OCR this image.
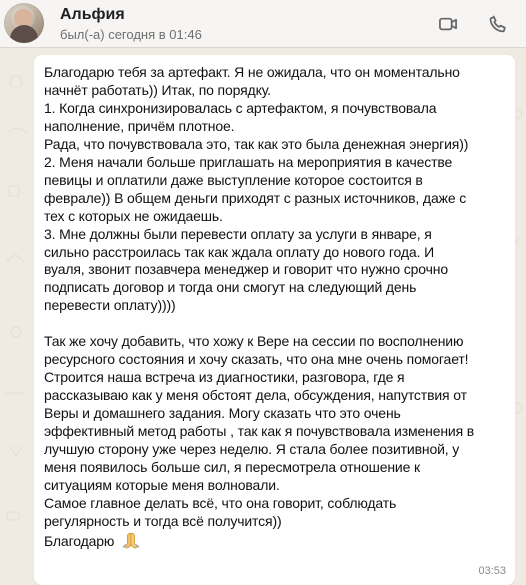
Альфия
был(-а) сегодня в 01:46

Благодарю тебя за артефакт. Я не ожидала, что он моментально
начнёт работать)) Итак, по порядку.
1. Когда синхронизировалась с артефактом, я почувствовала
наполнение, причём плотное.
Рада, что почувствовала это, так как это была денежная энергия))
2. Меня начали больше приглашать на мероприятия в качестве
певицы и оплатили даже выступление которое состоится в
феврале)) В общем деньги приходят с разных источников, даже с
тех с которых не ожидаешь.
3. Мне должны были перевести оплату за услуги в январе, я
сильно расстроилась так как ждала оплату до нового года. И
вуаля, звонит позавчера менеджер и говорит что нужно срочно
подписать договор и тогда они смогут на следующий день
перевести оплату))))

Так же хочу добавить, что хожу к Вере на сессии по восполнению
ресурсного состояния и хочу сказать, что она мне очень помогает!
Строится наша встреча из диагностики, разговора, где я
рассказываю как у меня обстоят дела, обсуждения, напутствия от
Веры и домашнего задания. Могу сказать что это очень
эффективный метод работы , так как я почувствовала изменения в
лучшую сторону уже через неделю. Я стала более позитивной, у
меня появилось больше сил, я пересмотрела отношение к
ситуациям которые меня волновали.
Самое главное делать всё, что она говорит, соблюдать
регулярность и тогда всё получится))
Благодарю

03:53
